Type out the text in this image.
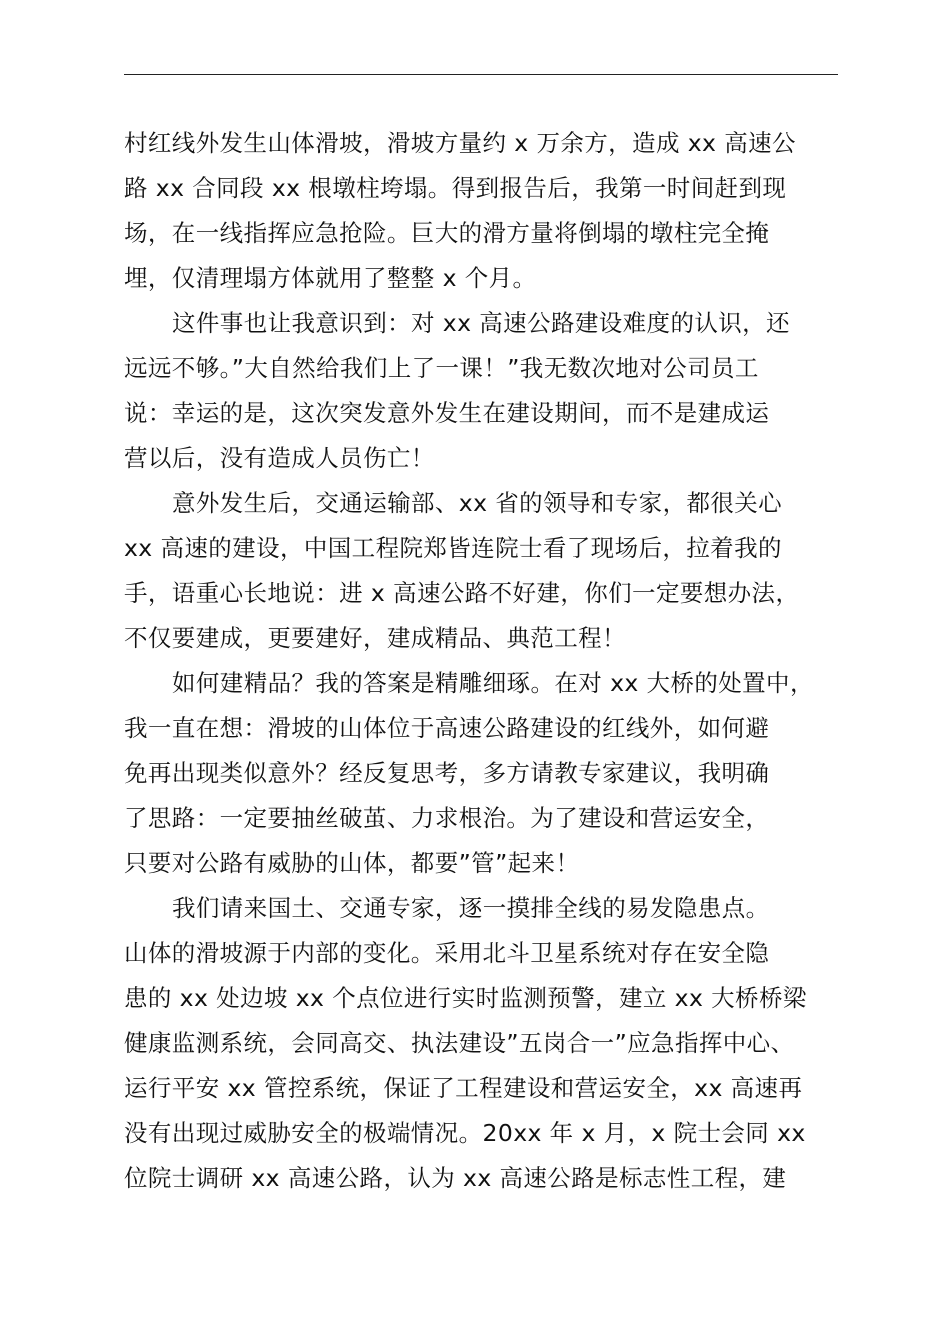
村红线外发生山体滑坡，滑坡方量约 x 万余方，造成 xx 高速公
路 xx 合同段 xx 根墩柱垮塌。得到报告后，我第一时间赶到现
场，在一线指挥应急抢险。巨大的滑方量将倒塌的墩柱完全掩
埋，仅清理塌方体就用了整整 x 个月。
这件事也让我意识到：对 xx 高速公路建设难度的认识，还
远远不够。”大自然给我们上了一课！”我无数次地对公司员工
说：幸运的是，这次突发意外发生在建设期间，而不是建成运
营以后，没有造成人员伤亡！
意外发生后，交通运输部、xx 省的领导和专家，都很关心
xx 高速的建设，中国工程院郑皆连院士看了现场后，拉着我的
手，语重心长地说：进 x 高速公路不好建，你们一定要想办法，
不仅要建成，更要建好，建成精品、典范工程！
如何建精品？我的答案是精雕细琢。在对 xx 大桥的处置中，
我一直在想：滑坡的山体位于高速公路建设的红线外，如何避
免再出现类似意外？经反复思考，多方请教专家建议，我明确
了思路：一定要抽丝破茧、力求根治。为了建设和营运安全，
只要对公路有威胁的山体，都要”管”起来！
我们请来国土、交通专家，逐一摸排全线的易发隐患点。
山体的滑坡源于内部的变化。采用北斗卫星系统对存在安全隐
患的 xx 处边坡 xx 个点位进行实时监测预警，建立 xx 大桥桥梁
健康监测系统，会同高交、执法建设”五岗合一”应急指挥中心、
运行平安 xx 管控系统，保证了工程建设和营运安全，xx 高速再
没有出现过威胁安全的极端情况。20xx 年 x 月，x 院士会同 xx
位院士调研 xx 高速公路，认为 xx 高速公路是标志性工程，建
